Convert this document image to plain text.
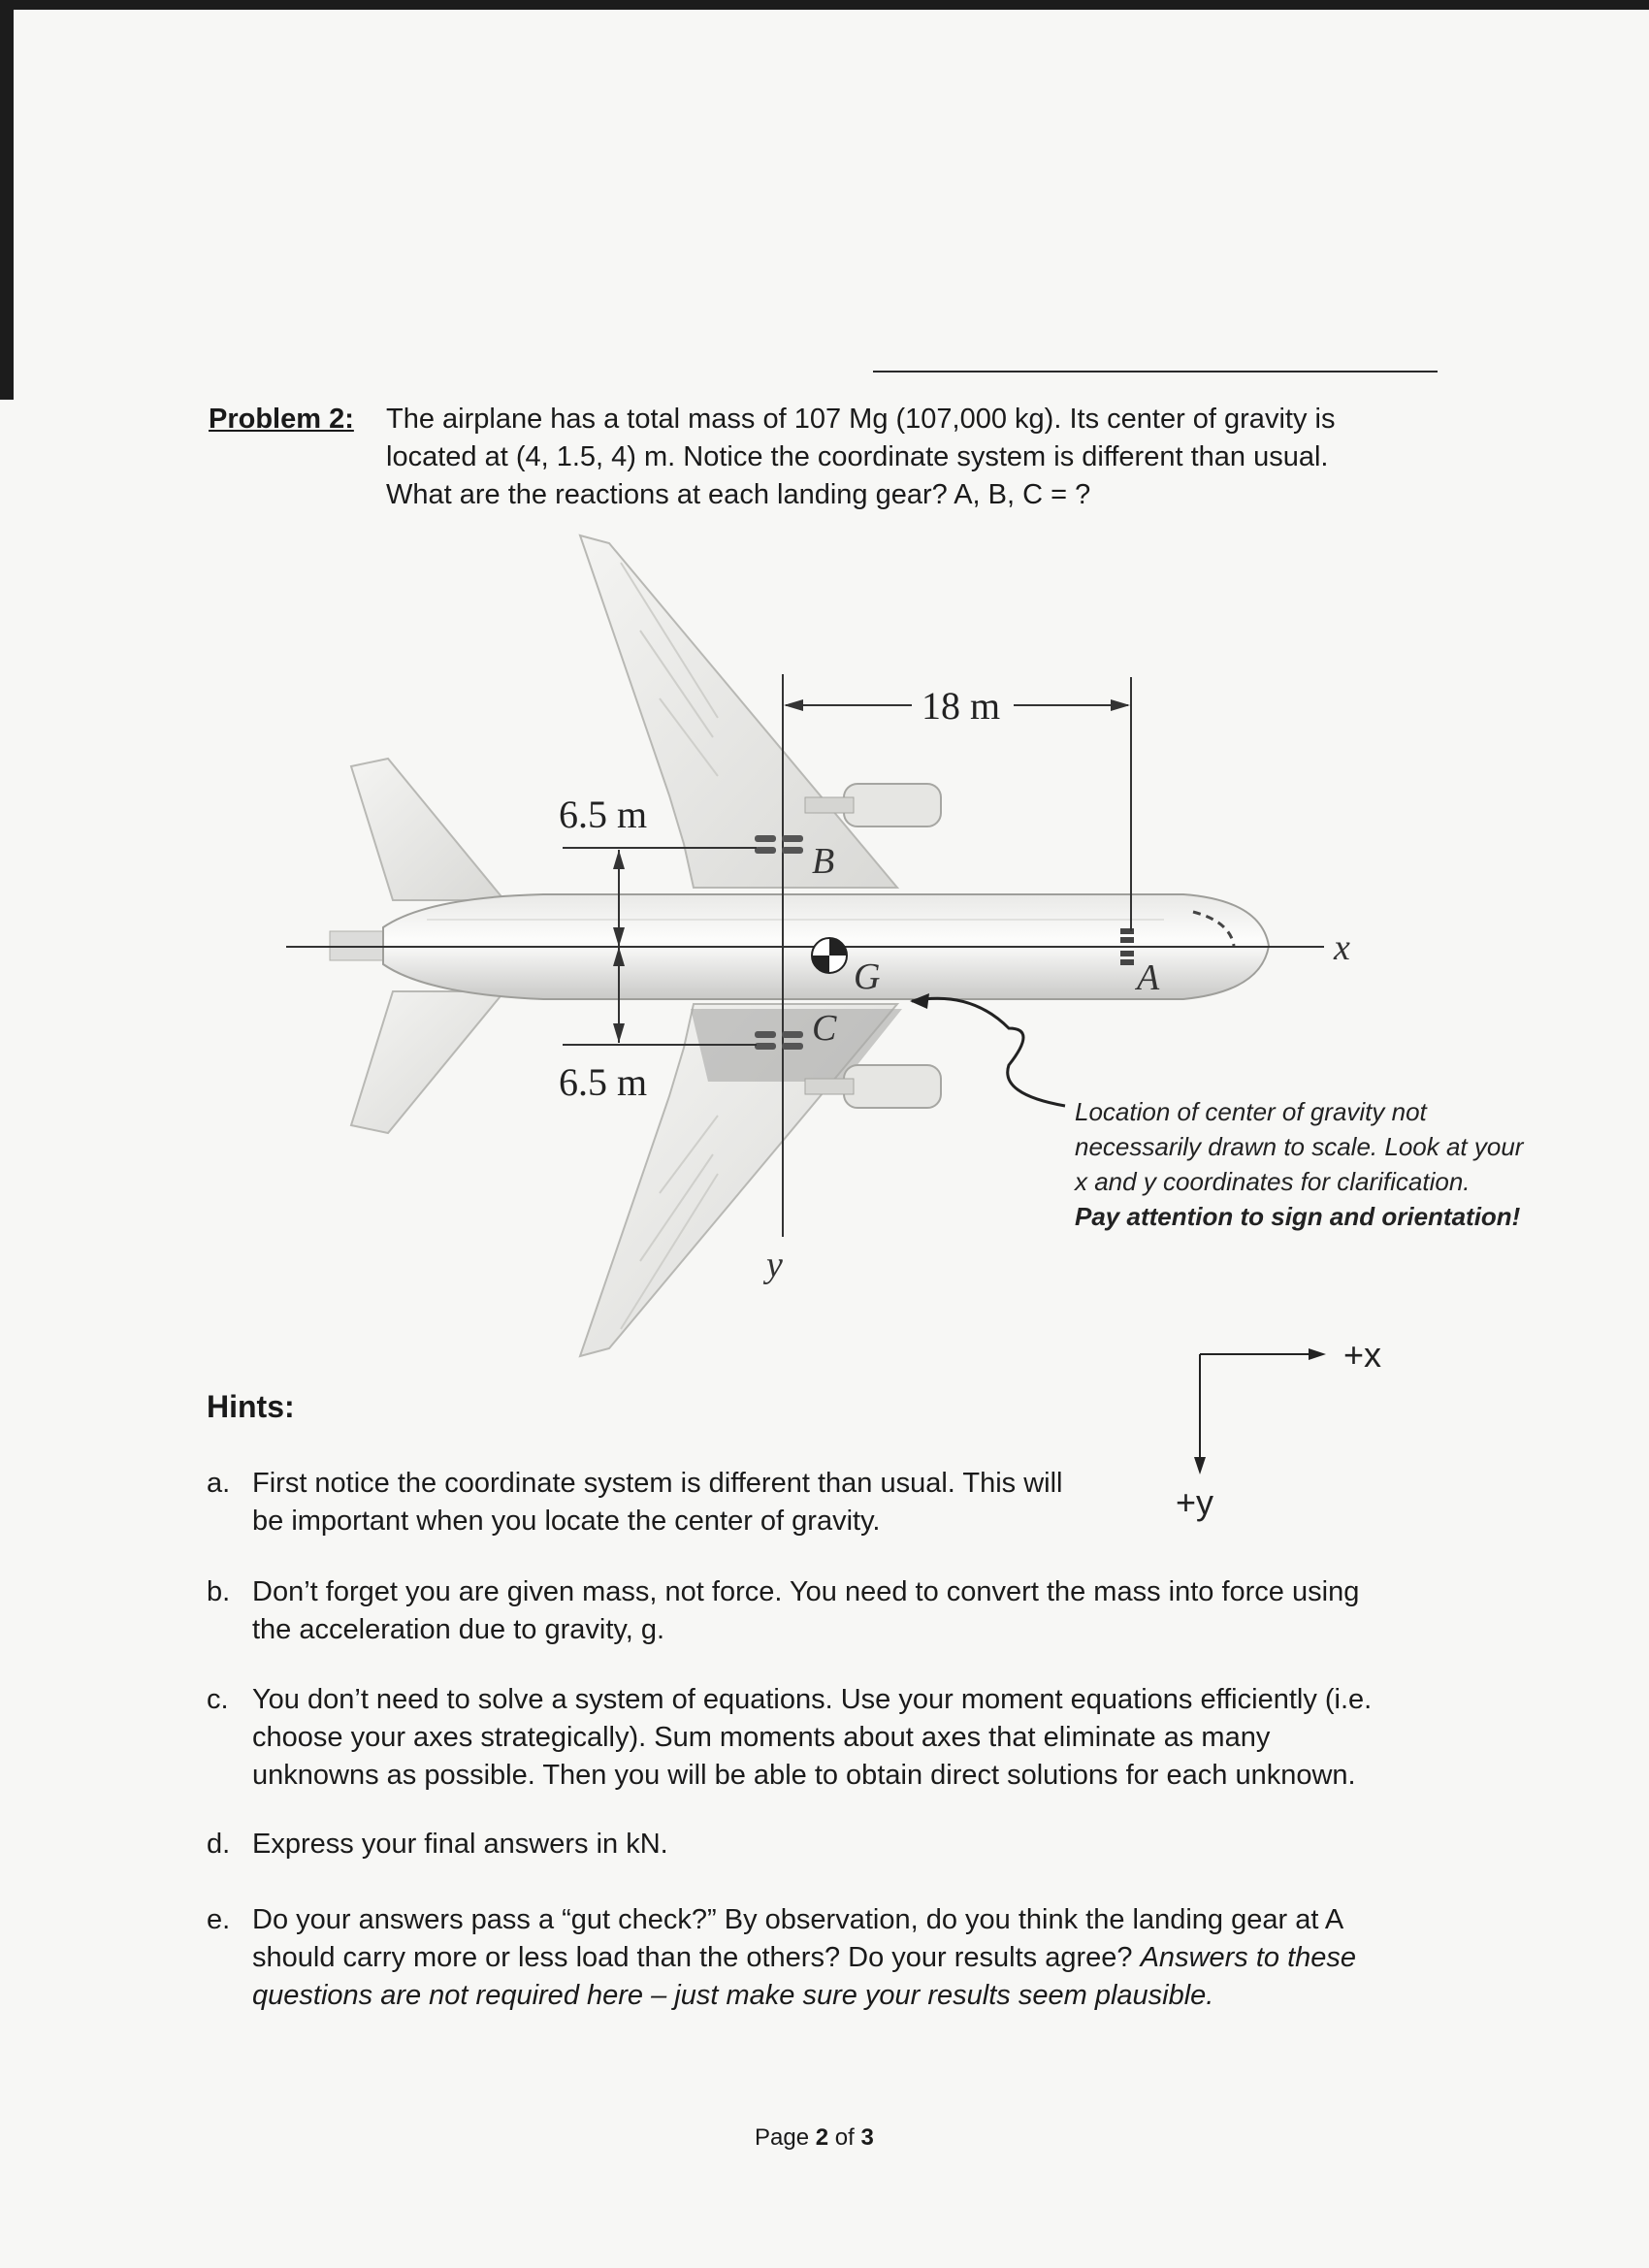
Problem 2: The airplane has a total mass of 107 Mg (107,000 kg). Its center of gravity is
located at (4, 1.5, 4) m. Notice the coordinate system is different than usual.
What are the reactions at each landing gear? A, B, C = ?
18 m
6.5 m
6.5 m
B
G
C
A
x
y
Location of center of gravity not
necessarily drawn to scale. Look at your
x and y coordinates for clarification.
Pay attention to sign and orientation!
+x
+y
Hints:
a. First notice the coordinate system is different than usual. This will
be important when you locate the center of gravity.
b. Don’t forget you are given mass, not force. You need to convert the mass into force using
the acceleration due to gravity, g.
c. You don’t need to solve a system of equations. Use your moment equations efficiently (i.e.
choose your axes strategically). Sum moments about axes that eliminate as many
unknowns as possible. Then you will be able to obtain direct solutions for each unknown.
d. Express your final answers in kN.
e. Do your answers pass a “gut check?” By observation, do you think the landing gear at A
should carry more or less load than the others? Do your results agree? Answers to these
questions are not required here – just make sure your results seem plausible.
Page 2 of 3
